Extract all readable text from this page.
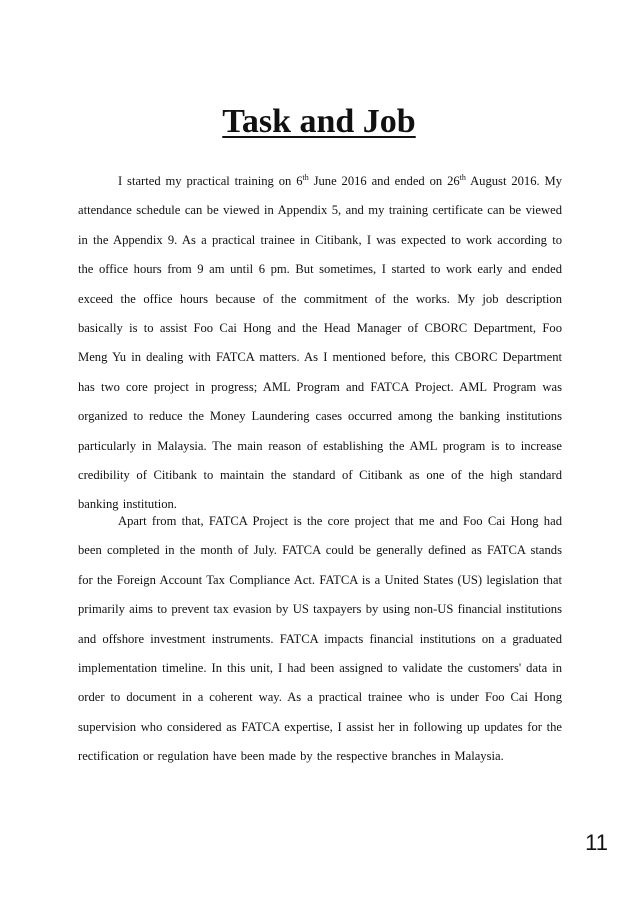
Task and Job

I started my practical training on 6th June 2016 and ended on 26th August 2016. My attendance schedule can be viewed in Appendix 5, and my training certificate can be viewed in the Appendix 9. As a practical trainee in Citibank, I was expected to work according to the office hours from 9 am until 6 pm. But sometimes, I started to work early and ended exceed the office hours because of the commitment of the works. My job description basically is to assist Foo Cai Hong and the Head Manager of CBORC Department, Foo Meng Yu in dealing with FATCA matters. As I mentioned before, this CBORC Department has two core project in progress; AML Program and FATCA Project. AML Program was organized to reduce the Money Laundering cases occurred among the banking institutions particularly in Malaysia. The main reason of establishing the AML program is to increase credibility of Citibank to maintain the standard of Citibank as one of the high standard banking institution.

Apart from that, FATCA Project is the core project that me and Foo Cai Hong had been completed in the month of July. FATCA could be generally defined as FATCA stands for the Foreign Account Tax Compliance Act. FATCA is a United States (US) legislation that primarily aims to prevent tax evasion by US taxpayers by using non-US financial institutions and offshore investment instruments. FATCA impacts financial institutions on a graduated implementation timeline. In this unit, I had been assigned to validate the customers' data in order to document in a coherent way. As a practical trainee who is under Foo Cai Hong supervision who considered as FATCA expertise, I assist her in following up updates for the rectification or regulation have been made by the respective branches in Malaysia.

11
